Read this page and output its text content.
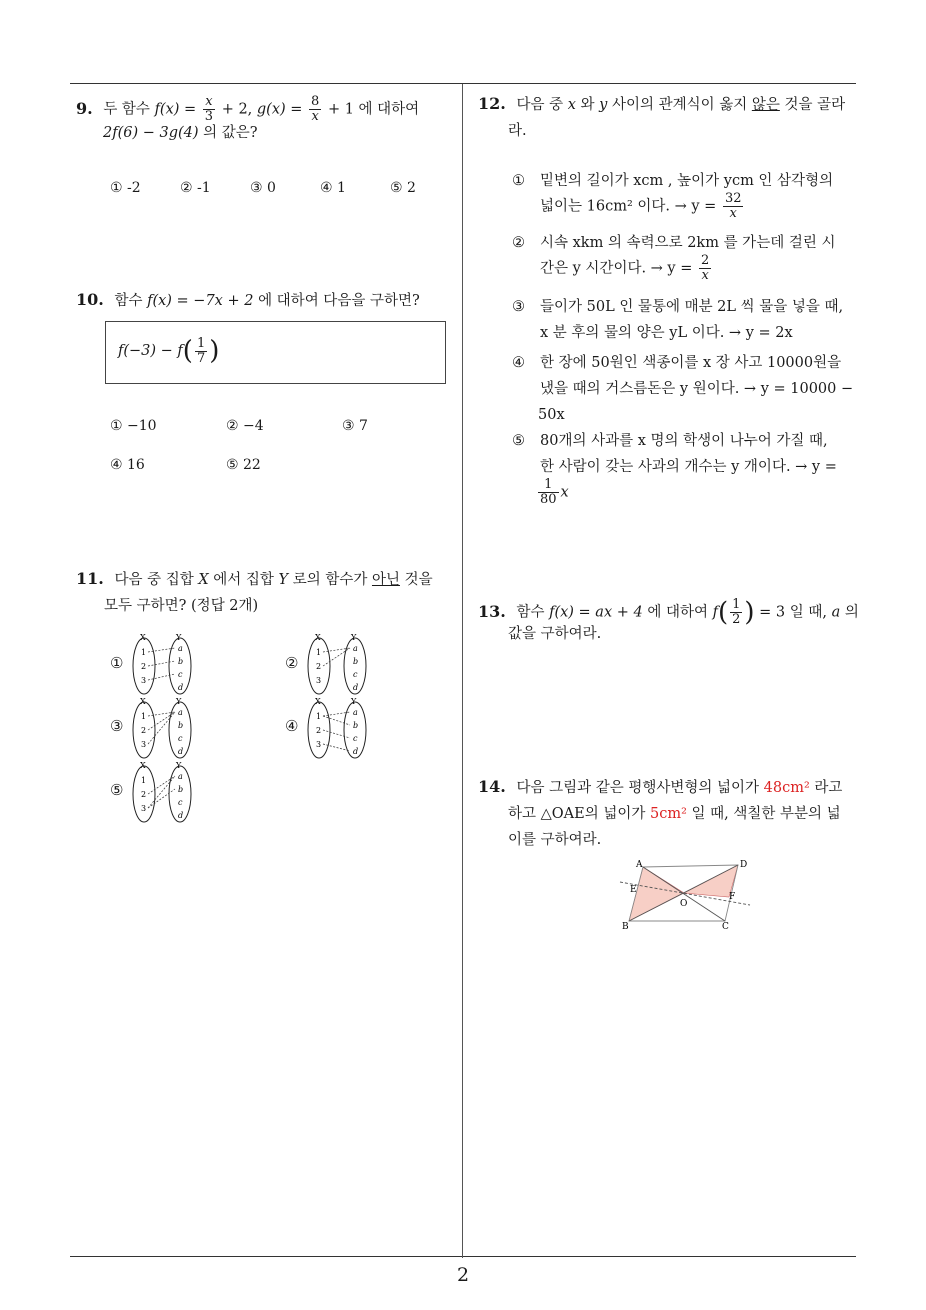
2
9. 두 함수 $f(x) = \frac{x}{3} + 2$, $g(x) = \frac{8}{x} + 1$ 에 대하여
2f(6) − 3g(4) 의 값은?
① -2	② -1	③ 0	④ 1	⑤ 2
10. 함수 f(x) = −7x + 2 에 대하여 다음을 구하면?
$f(-3) - f( \frac{1}{7}$ )
① −10	② −4	③ 7
④ 16	⑤ 22
11. 다음 중 집합 X 에서 집합 Y 로의 함수가 아닌 것을
모두 구하면? (정답 2개)
①	②
③	④
⑤
X	Y
1
2
3
a
b
c
d
X	Y
1
2
3
a
b
c
d
X	Y
1
2
3
a
b
c
d
X	Y
1
2
3
a
b
c
d
X	Y
1
2
3
a
b
c
d
12. 다음 중 x 와 y 사이의 관계식이 옳지 않은 것을 골라
라.
① 밑변의 길이가 xcm , 높이가 ycm 인 삼각형의
넓이는 16cm² 이다. → $y = \frac{32}{x}$
② 시속 xkm 의 속력으로 2km 를 가는데 걸린 시
간은 y 시간이다. → $y = \frac{2}{x}$
③ 들이가 50L 인 물통에 매분 2L 씩 물을 넣을 때,
x 분 후의 물의 양은 yL 이다. → y = 2x
④ 한 장에 50원인 색종이를 x 장 사고 10000원을
냈을 때의 거스름돈은 y 원이다. → y = 10000 −
50x
⑤ 80개의 사과를 x 명의 학생이 나누어 가질 때,
한 사람이 갖는 사과의 개수는 y 개이다. → y =
$\frac{1}{80}$ x
13. 함수 f(x) = ax + 4 에 대하여 $f( \frac{1}{2}$ ) = 3 일 때, a 의
값을 구하여라.
14. 다음 그림과 같은 평행사변형의 넓이가 48cm² 라고
하고 △OAE의 넓이가 5cm² 일 때, 색칠한 부분의 넓
이를 구하여라.
A	D
E
F
O
B	C
